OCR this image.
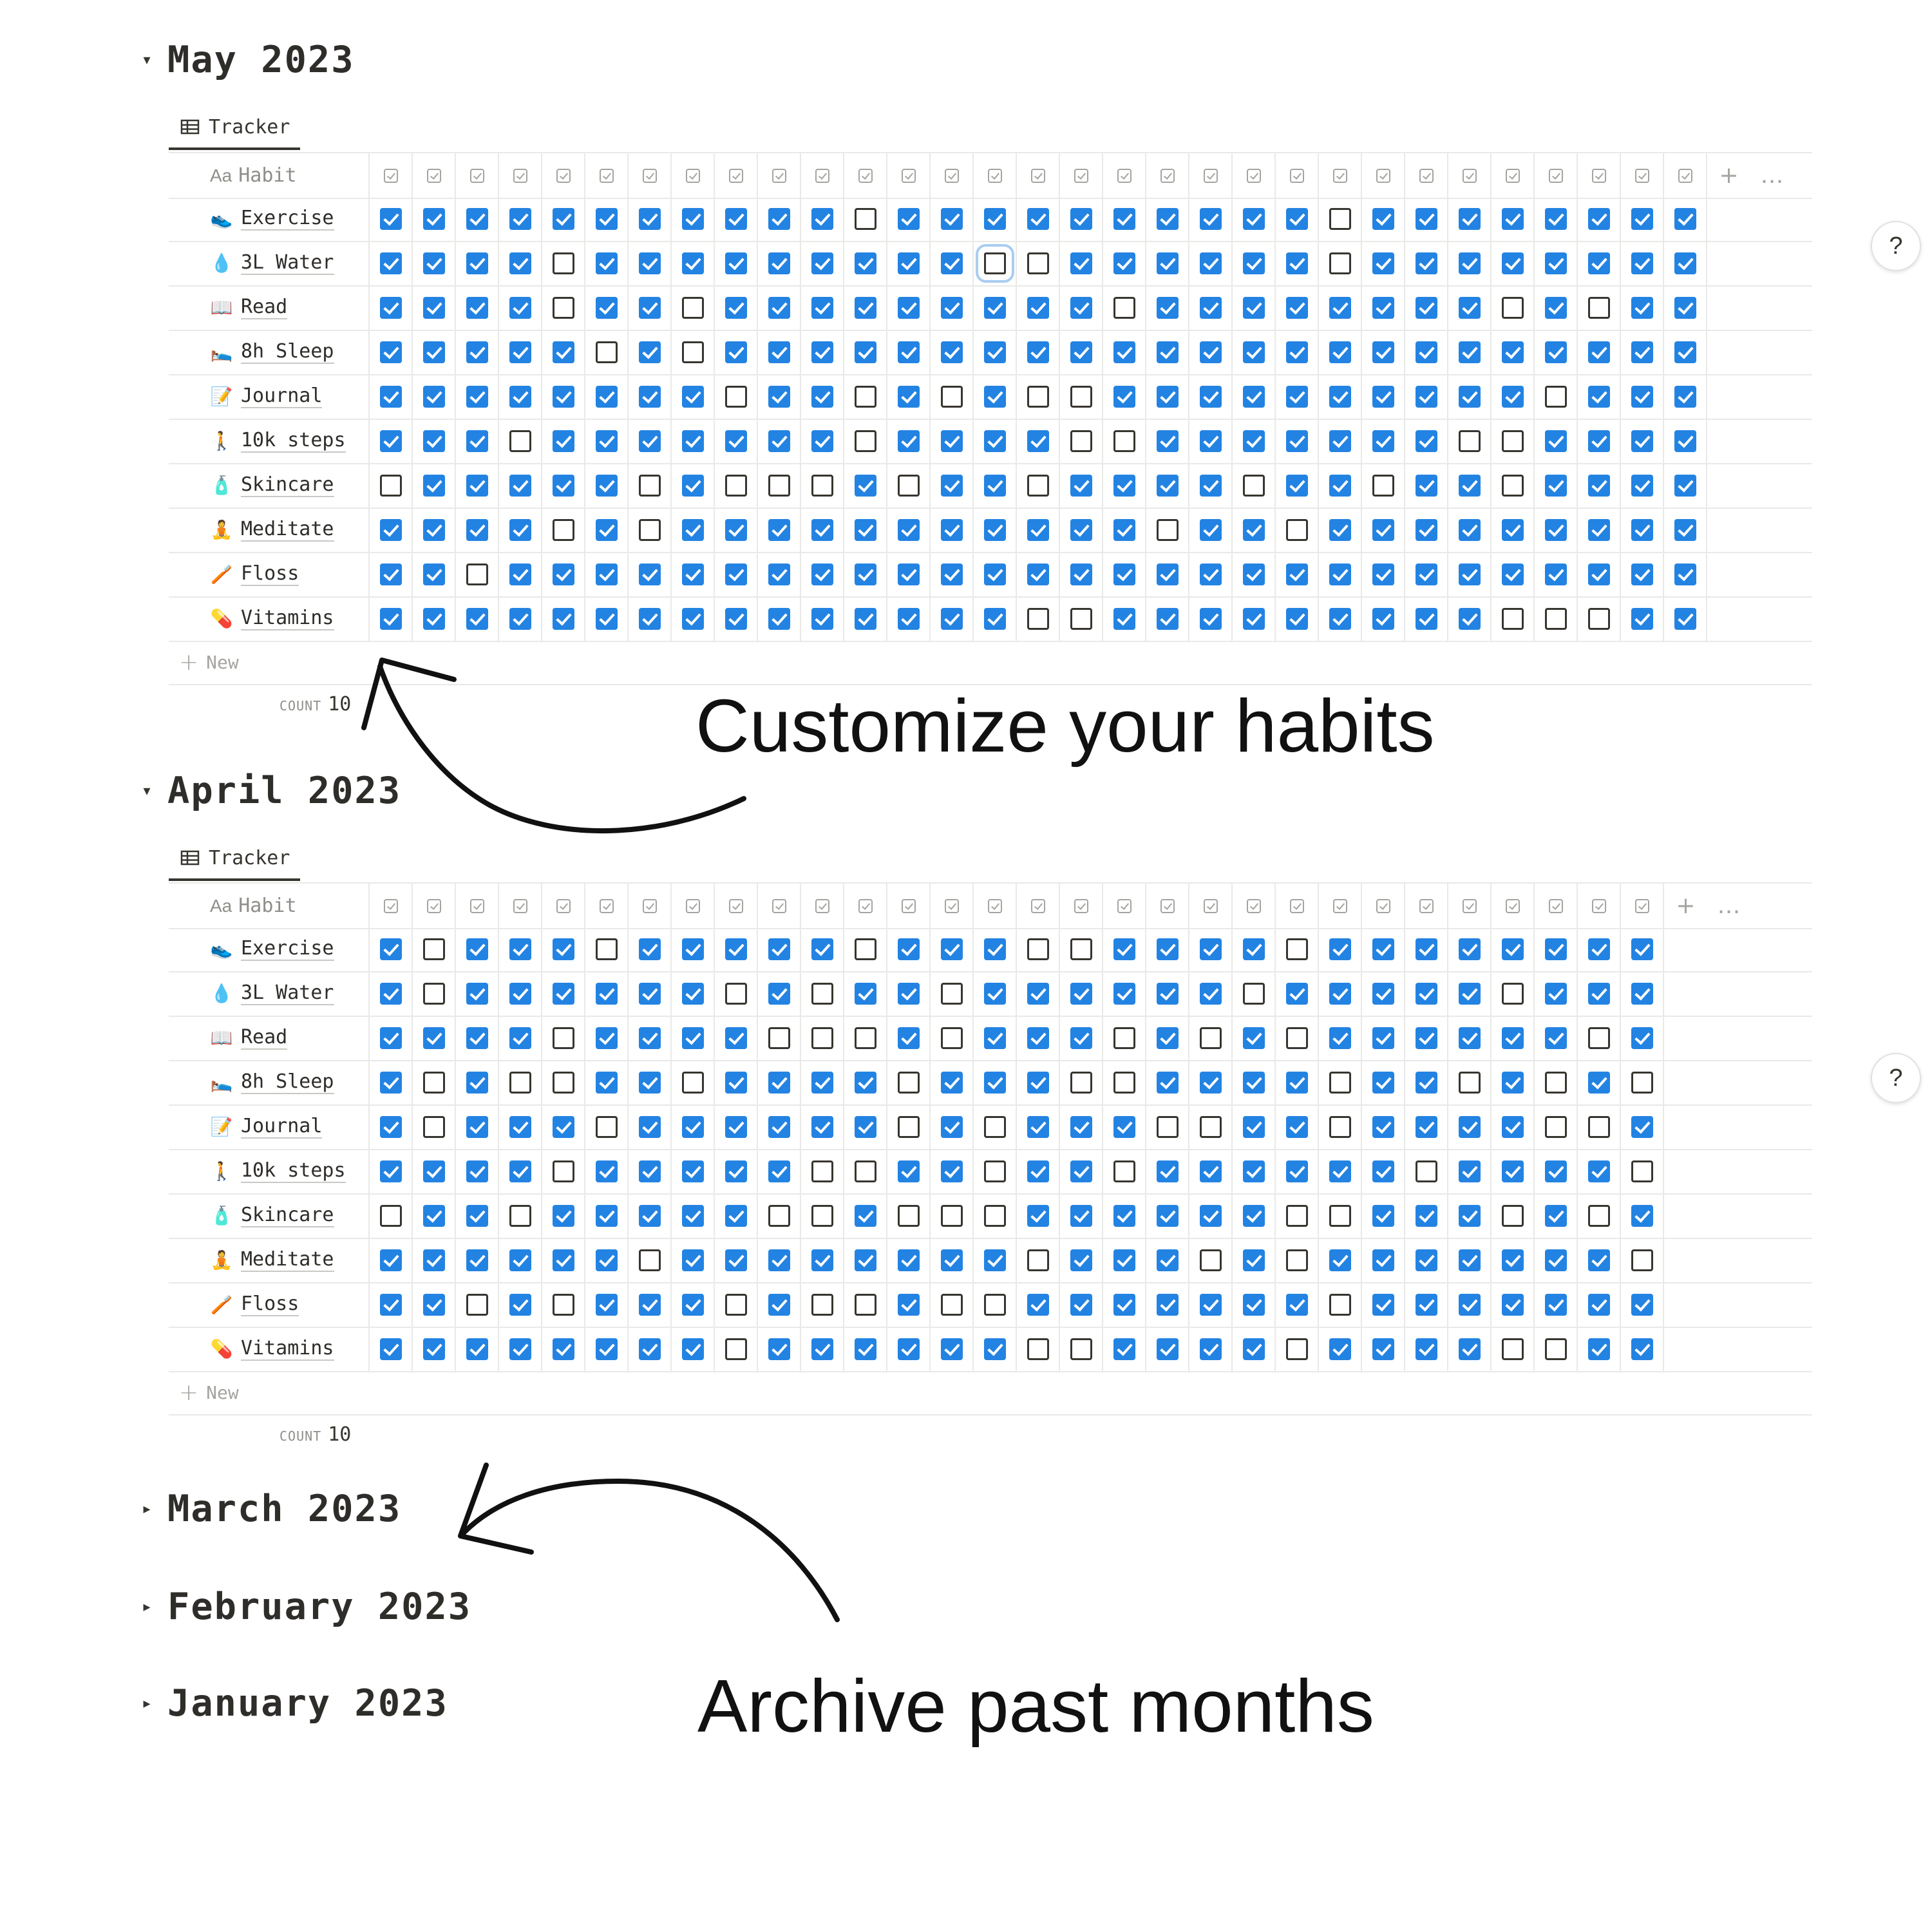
▾ May 2023
Tracker
Aa Habit	+ …
👟 Exercise
💧 3L Water
📖 Read
🛌 8h Sleep
📝 Journal
🚶 10k steps
🧴 Skincare
🧘 Meditate
🪥 Floss
💊 Vitamins
+ New
COUNT 10
▾ April 2023
Tracker
Aa Habit	+ …
👟 Exercise
💧 3L Water
📖 Read
🛌 8h Sleep
📝 Journal
🚶 10k steps
🧴 Skincare
🧘 Meditate
🪥 Floss
💊 Vitamins
+ New
COUNT 10
▸ March 2023
▸ February 2023
▸ January 2023
Customize your habits
Archive past months
?
?
